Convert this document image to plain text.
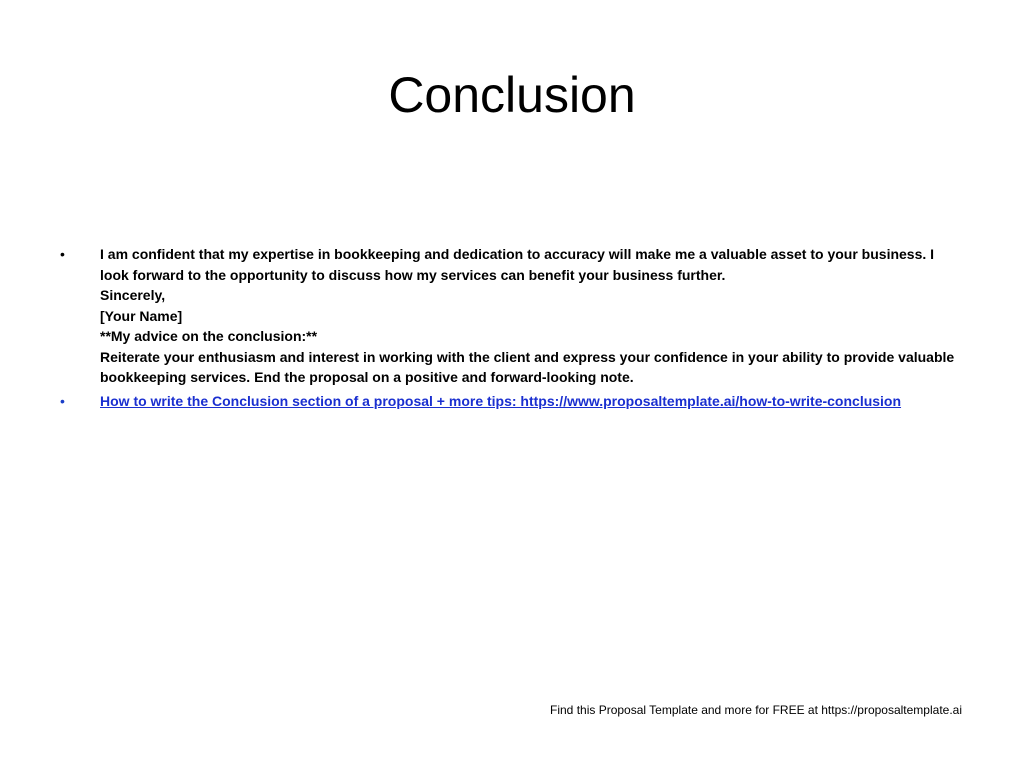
Conclusion
•	I am confident that my expertise in bookkeeping and dedication to accuracy will make me a valuable asset to your business. I look forward to the opportunity to discuss how my services can benefit your business further.
Sincerely,
[Your Name]
**My advice on the conclusion:**
Reiterate your enthusiasm and interest in working with the client and express your confidence in your ability to provide valuable bookkeeping services. End the proposal on a positive and forward-looking note.
•	How to write the Conclusion section of a proposal + more tips: https://www.proposaltemplate.ai/how-to-write-conclusion
Find this Proposal Template and more for FREE at https://proposaltemplate.ai
